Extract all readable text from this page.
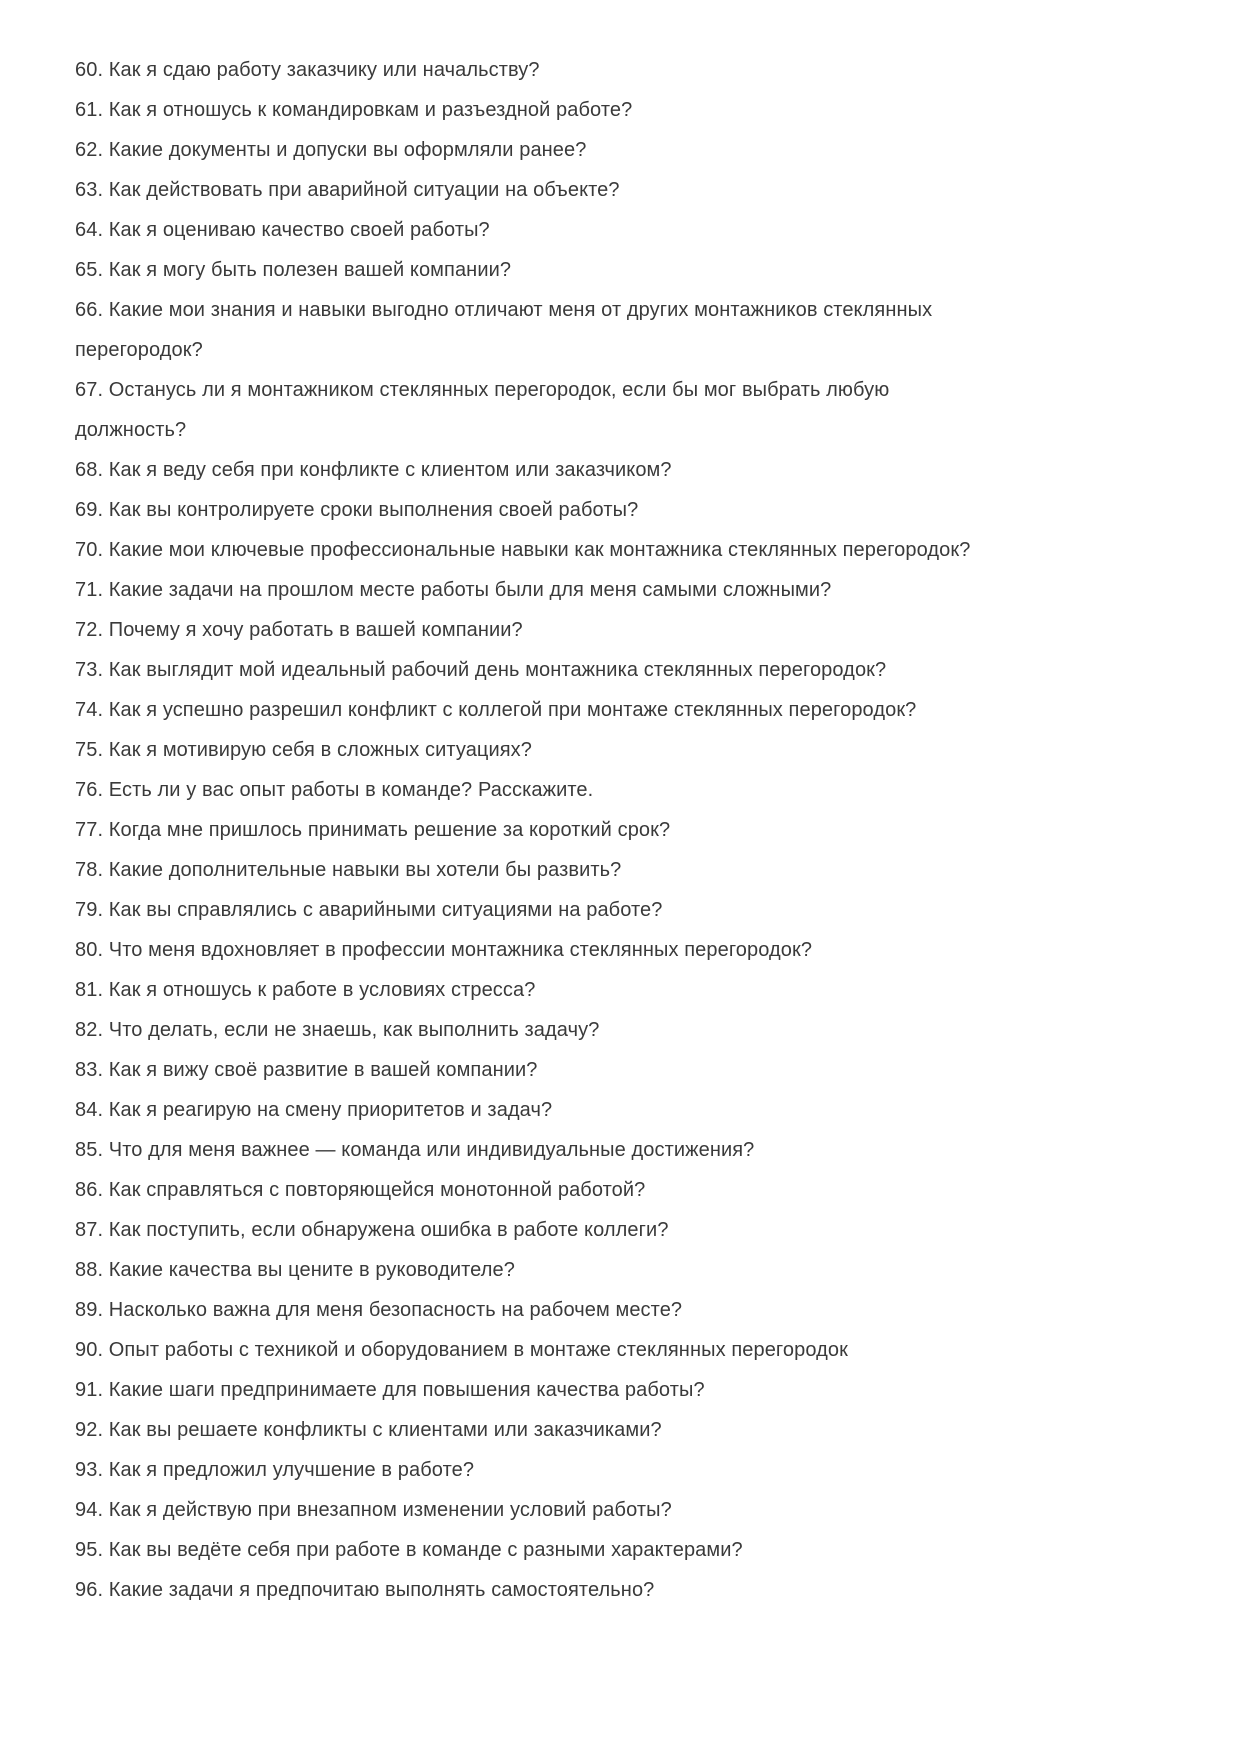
60. Как я сдаю работу заказчику или начальству?

61. Как я отношусь к командировкам и разъездной работе?

62. Какие документы и допуски вы оформляли ранее?

63. Как действовать при аварийной ситуации на объекте?

64. Как я оцениваю качество своей работы?

65. Как я могу быть полезен вашей компании?

66. Какие мои знания и навыки выгодно отличают меня от других монтажников стеклянных перегородок?

67. Останусь ли я монтажником стеклянных перегородок, если бы мог выбрать любую должность?

68. Как я веду себя при конфликте с клиентом или заказчиком?

69. Как вы контролируете сроки выполнения своей работы?

70. Какие мои ключевые профессиональные навыки как монтажника стеклянных перегородок?

71. Какие задачи на прошлом месте работы были для меня самыми сложными?

72. Почему я хочу работать в вашей компании?

73. Как выглядит мой идеальный рабочий день монтажника стеклянных перегородок?

74. Как я успешно разрешил конфликт с коллегой при монтаже стеклянных перегородок?

75. Как я мотивирую себя в сложных ситуациях?

76. Есть ли у вас опыт работы в команде? Расскажите.

77. Когда мне пришлось принимать решение за короткий срок?

78. Какие дополнительные навыки вы хотели бы развить?

79. Как вы справлялись с аварийными ситуациями на работе?

80. Что меня вдохновляет в профессии монтажника стеклянных перегородок?

81. Как я отношусь к работе в условиях стресса?

82. Что делать, если не знаешь, как выполнить задачу?

83. Как я вижу своё развитие в вашей компании?

84. Как я реагирую на смену приоритетов и задач?

85. Что для меня важнее — команда или индивидуальные достижения?

86. Как справляться с повторяющейся монотонной работой?

87. Как поступить, если обнаружена ошибка в работе коллеги?

88. Какие качества вы цените в руководителе?

89. Насколько важна для меня безопасность на рабочем месте?

90. Опыт работы с техникой и оборудованием в монтаже стеклянных перегородок

91. Какие шаги предпринимаете для повышения качества работы?

92. Как вы решаете конфликты с клиентами или заказчиками?

93. Как я предложил улучшение в работе?

94. Как я действую при внезапном изменении условий работы?

95. Как вы ведёте себя при работе в команде с разными характерами?

96. Какие задачи я предпочитаю выполнять самостоятельно?
